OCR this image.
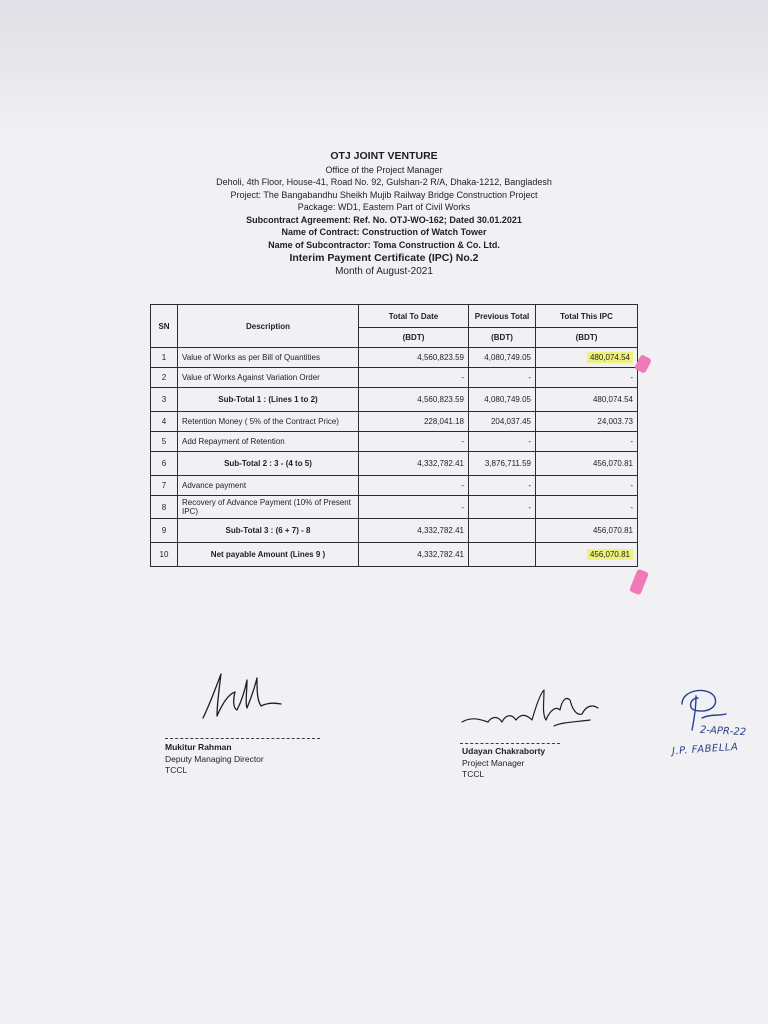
OTJ JOINT VENTURE
Office of the Project Manager
Deholi, 4th Floor, House-41, Road No. 92, Gulshan-2 R/A, Dhaka-1212, Bangladesh
Project: The Bangabandhu Sheikh Mujib Railway Bridge Construction Project
Package: WD1, Eastern Part of Civil Works
Subcontract Agreement: Ref. No. OTJ-WO-162; Dated 30.01.2021
Name of Contract: Construction of Watch Tower
Name of Subcontractor: Toma Construction & Co. Ltd.
Interim Payment Certificate (IPC) No.2
Month of August-2021
SN	Description	Total To Date	Previous Total	Total This IPC
		(BDT)	(BDT)	(BDT)
1	Value of Works as per Bill of Quantities	4,560,823.59	4,080,749.05	480,074.54
2	Value of Works Against Variation Order	-	-	-
3	Sub-Total 1 : (Lines 1 to 2)	4,560,823.59	4,080,749.05	480,074.54
4	Retention Money ( 5% of the Contract Price)	228,041.18	204,037.45	24,003.73
5	Add Repayment of Retention	-	-	-
6	Sub-Total 2 : 3 - (4 to 5)	4,332,782.41	3,876,711.59	456,070.81
7	Advance payment	-	-	-
8	Recovery of Advance Payment (10% of Present IPC)	-	-	-
9	Sub-Total 3 : (6 + 7) - 8	4,332,782.41		456,070.81
10	Net payable Amount (Lines 9 )	4,332,782.41		456,070.81
Mukitur Rahman
Deputy Managing Director
TCCL
Udayan Chakraborty
Project Manager
TCCL
2-APR-22
J.P. FABELLA
